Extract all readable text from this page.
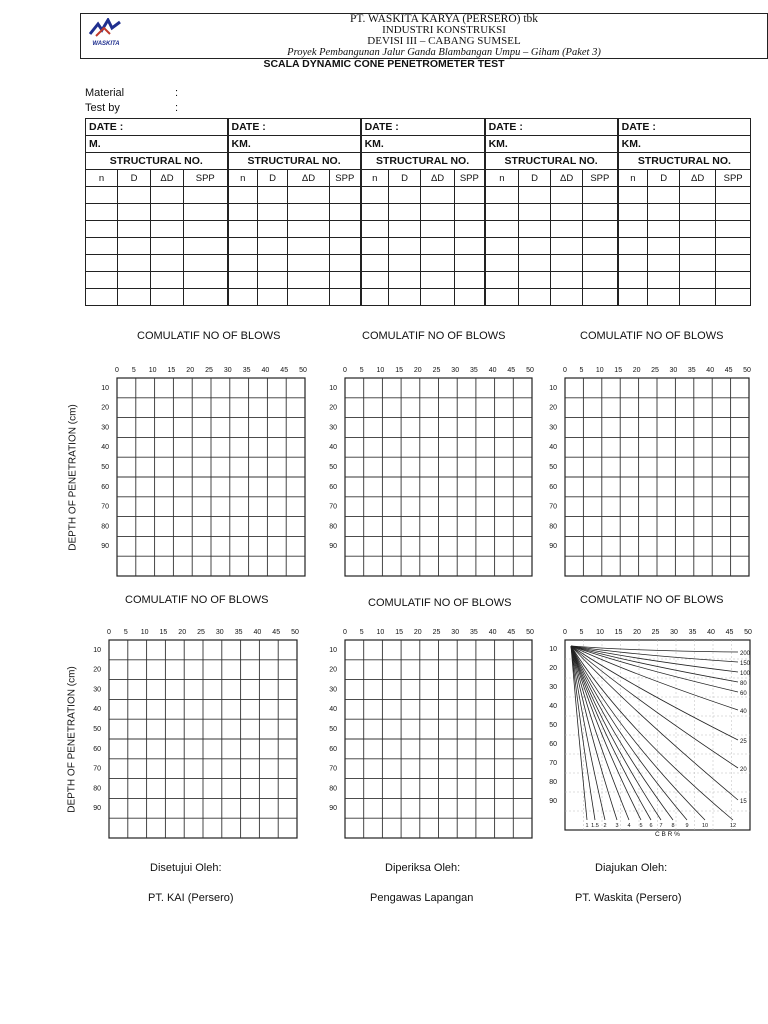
WASKITA
PT. WASKITA KARYA (PERSERO) tbk
INDUSTRI KONSTRUKSI
DEVISI III – CABANG SUMSEL
Proyek Pembangunan Jalur Ganda Blambangan Umpu – Giham (Paket 3)
SCALA DYNAMIC CONE PENETROMETER TEST
Material	:
Test by	:
DATE :				DATE :				DATE :				DATE :				DATE :			
M.				KM.				KM.				KM.				KM.			
STRUCTURAL NO.				STRUCTURAL NO.				STRUCTURAL NO.				STRUCTURAL NO.				STRUCTURAL NO.			
n	D	ΔD	SPP	n	D	ΔD	SPP	n	D	ΔD	SPP	n	D	ΔD	SPP	n	D	ΔD	SPP

COMULATIF NO OF BLOWS
0 5 10 15 20 25 30 35 40 45 50
10
20
30
40
50
60
70
80
90
COMULATIF NO OF BLOWS
0 5 10 15 20 25 30 35 40 45 50
10
20
30
40
50
60
70
80
90
COMULATIF NO OF BLOWS
0 5 10 15 20 25 30 35 40 45 50
10
20
30
40
50
60
70
80
90
COMULATIF NO OF BLOWS
0 5 10 15 20 25 30 35 40 45 50
10
20
30
40
50
60
70
80
90
COMULATIF NO OF BLOWS
0 5 10 15 20 25 30 35 40 45 50
10
20
30
40
50
60
70
80
90
COMULATIF NO OF BLOWS
0 5 10 15 20 25 30 35 40 45 50
10
20
30
40
50
60
70
80
90
200
150
100
80
60
40
25
20
15
1 1.5 2 3 4 5 6 7 8 9 10	12
C B R %
DEPTH OF PENETRATION (cm)
DEPTH OF PENETRATION (cm)
Disetujui Oleh:
PT. KAI (Persero)
Diperiksa Oleh:
Pengawas Lapangan
Diajukan Oleh:
PT. Waskita (Persero)
